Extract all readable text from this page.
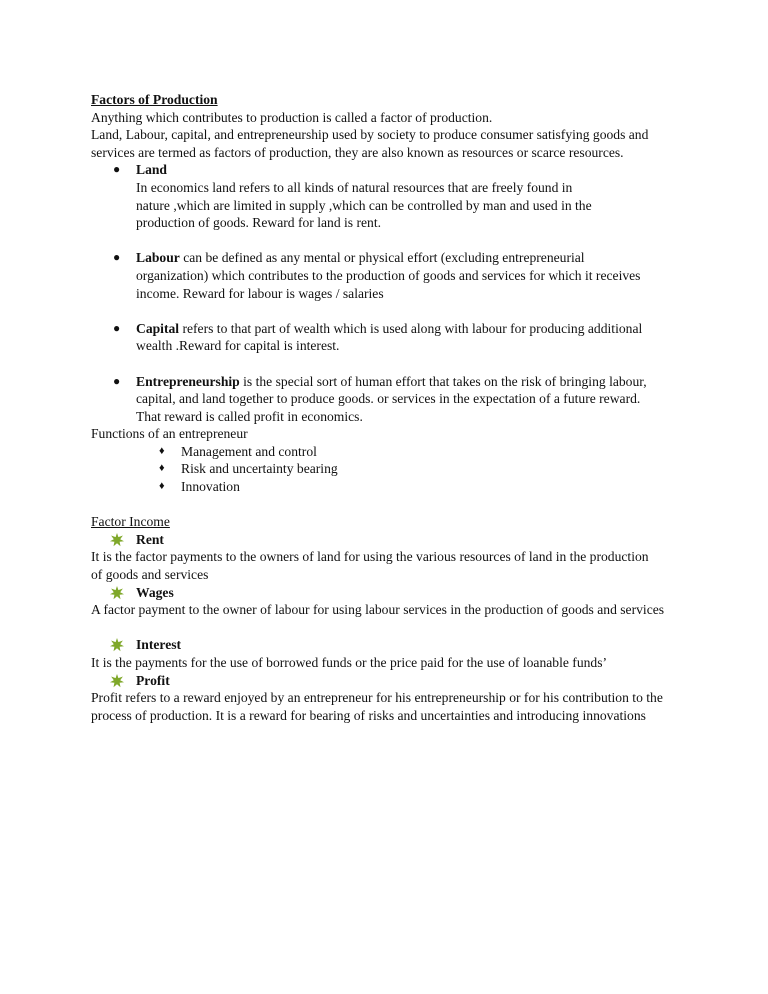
Factors of Production

Anything which contributes to production is called a factor of production.

Land, Labour, capital, and entrepreneurship used by society to produce consumer satisfying goods and services are termed as factors of production, they are also known as resources or scarce resources.

● Land
In economics land refers to all kinds of natural resources that are freely found in nature ,which are limited in supply ,which can be controlled by man and used in the production of goods. Reward for land is rent.
● Labour can be defined as any mental or physical effort (excluding entrepreneurial organization) which contributes to the production of goods and services for which it receives income. Reward for labour is wages / salaries
● Capital refers to that part of wealth which is used along with labour for producing additional wealth .Reward for capital is interest.
● Entrepreneurship is the special sort of human effort that takes on the risk of bringing labour, capital, and land together to produce goods. or services in the expectation of a future reward. That reward is called profit in economics.

Functions of an entrepreneur

♦ Management and control
♦ Risk and uncertainty bearing
♦ Innovation

Factor Income

Rent

It is the factor payments to the owners of land for using the various resources of land in the production of goods and services

Wages

A factor payment to the owner of labour for using labour services in the production of goods and services

Interest

It is the payments for the use of borrowed funds or the price paid for the use of loanable funds’

Profit

Profit refers to a reward enjoyed by an entrepreneur for his entrepreneurship or for his contribution to the process of production. It is a reward for bearing of risks and uncertainties and introducing innovations
